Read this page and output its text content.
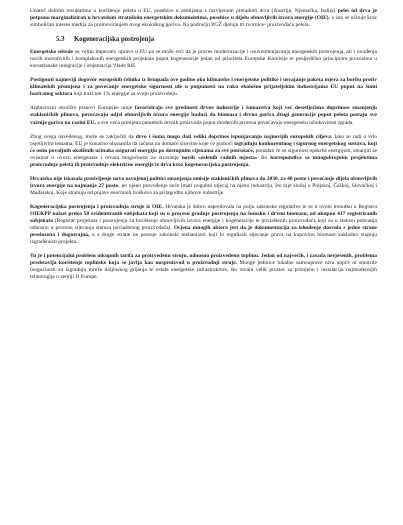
Unatoč dobrim rezultatima u korištenju peleta u EU, posebice u zemljama s razvijenom preradom drva (Austrija, Njemačka, Italija) pelet od drva je potpuno marginaliziran u hrvatskim strateškim energetskim dokumentima, posebice u dijelu obnovljivih izvora energije (OIE), a isto se očituje kroz simboličan interes medija za promoviranjem ovog ekološkog goriva. Na području PGŽ djeluju tri tvornice- proizvođača peleta.

5.3 Kogeneracijska postrojenja

Energetske uštede su veliki imperativ upravo u EU pa se može reći da je proces modernizacije i osuvremenjavanja energetskih postrojenja, ali i uvođenja novih inovativnih i kompleksnih energetskih projekata poput kogeneracije jedan od prioriteta Europske Komisije te posljedično principnim procesima u euroatlanske integracije i orijentacija Vlade RH.

Postignuti najnoviji dogovor europskih čelnika iz listopada ove godine oko klimatske i energetske politike i usvajanje paketa mjera za borbu protiv klimatskih promjena i za povećanje energetske sigurnosti ide u potpunosti na ruku ekološno prijateljskim industrijama EU poput na šumi baziranog sektora koji traži tek 1% energije za svoju proizvodnju.

Ambiciozni okolišni planovi Europske unije favoriziraju sve prednosti drvne industrije i šumarstva koji već desetljećima doprinose smanjenju stakleničkih plinova, povećavaju udjel obnovljivih izvora energije budući da biomasa i drvna goriva drugi generacije poput peleta postaju sve važnije gorivo na razini EU, a sve veća primjena pametnih drvnih proizvoda poput modernih procesa povećavaju energetsku učinkovitost zgrada.

Zbog svega navedenog, može se zaključiti da drvo i šuma mogu dati veliki doprinos ispunjavanju najnovijih europskih ciljeva. Iako se radi o vrlo osjetljivim temama, EU je konačno obznanila da računa na domaće sirovine koje će pomoći izgradnju konkurentnog i sigurnog energetskog sustava, koji će osim povoljnih okolišnih učinaka osigurati energiju po dostupnim cijenama za sve potrošače, pouzdan će se sigurnost opskrbe energijom, smanjiti se ovisnost o uvozu energenata i otvara mogućnosti za stvaranje novih «zelenih radnih mjesta» što korespondira sa mnogobrojnim projektima proizvodnje peleta ili proizvodnje električne energije iz drva kroz kogeneracijska postrojenja.

Hrvatska nije iskazala protivljenje novo usvojenoj politici smanjenja emisije stakleničkih plinova do 2030. za 40 posto i povećanje dijela obnovljivih izvora energije na najmanje 27 posto, jer njeno provođenje neće imati pogubni utjecaj na njenu industriju, što nije slučaj u Poljskoj, Češkoj, Slovačkoj i Mađarskoj. Koje strahuju od pojave enormnih troškova za prilagodbu njihove industrije.

Kogeneracijska postrojenja i proizvodnja struje iz OIE. Hrvatska je dobro napredovala na polju zakonske regulative te se u ovom trenutku u Registru OIEKPP nalazi preko 50 evidentiranih subjekata koji su u procesu gradnje postrojenja na šumsku i drvnu biomasu, od ukupno 417 registriranih subjekata (Registar projekata i postrojenja za korištenje obnovljivih izvora energije i kogeneracije te povlaštenih proizvođača koji su u statusu poticanja odnosno u procesu stjecanja statusa povlaštenog proizvođača). Ocjena mnogih aktera jest da je dokumentacija za ishođenje dozvola s jedne strane preslozena i dugotrajna, a s druge strane ne postoje zakonski mehanizmi koji bi regulirali stjecanje prava na kupovinu biomase sukladno stupnju izgrađenosti projekta.

Tu je i potencijalni problem otkupnih tarifa za proizvedenu struju, odnosno proizvedenu toplinu. Jedan od najvećih, i zasada nerješenih, problema predstavlja korištenje toplinske koja se javlja kao nusproizvod u proizvodnji struje. Mnoge jedinice lokalne samouprave nisu uopće ni smotrile mogućnosti za izgradnju mreže daljinskog grijanja te ostale energetske infrastrukture, što otvara velik prostor za primjenu i instalaciju najmodernijih tehnologija u zemlji JI Europe.
